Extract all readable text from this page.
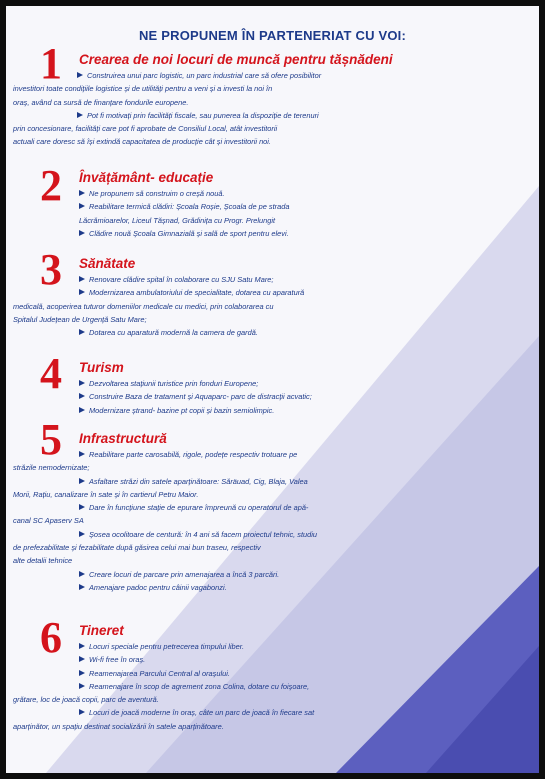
NE PROPUNEM ÎN PARTENERIAT CU VOI:
1 Crearea de noi locuri de muncă pentru tășnădeni
Construirea unui parc logistic, un parc industrial care să ofere posibilitor
investitori toate condițiile logistice și de utilități pentru a veni și a investi la noi în
oraș, având ca sursă de finanțare fondurile europene.
Pot fi motivați prin facilități fiscale, sau punerea la dispoziție de terenuri
prin concesionare, facilități care pot fi aprobate de Consiliul Local, atât investitorii
actuali care doresc să își extindă capacitatea de producție cât și investitorii noi.
2 Învățământ- educație
Ne propunem să construim o creșă nouă.
Reabilitare termică clădiri: Școala Roșie, Școala de pe strada
Lăcrămioarelor, Liceul Tășnad, Grădinița cu Progr. Prelungit
Clădire nouă Școala Gimnazială și sală de sport pentru elevi.
3 Sănătate
Renovare clădire spital în colaborare cu SJU Satu Mare;
Modernizarea ambulatoriului de specialitate, dotarea cu aparatură
medicală, acoperirea tuturor domeniilor medicale cu medici, prin colaborarea cu
Spitalul Județean de Urgență Satu Mare;
Dotarea cu aparatură modernă la camera de gardă.
4 Turism
Dezvoltarea stațiunii turistice prin fonduri Europene;
Construire Baza de tratament și Aquaparc- parc de distracții acvatic;
Modernizare ștrand- bazine pt copii și bazin semiolimpic.
5 Infrastructură
Reabilitare parte carosabilă, rigole, podețe respectiv trotuare pe
străzile nemodernizate;
Asfaltare străzi din satele aparținătoare: Săräuad, Cig, Blaja, Valea
Morii, Rațiu, canalizare în sate și în cartierul Petru Maior.
Dare în funcțiune stație de epurare împreună cu operatorul de apă-
canal SC Apaserv SA
Șosea ocolitoare de centură: în 4 ani să facem proiectul tehnic, studiu
de prefezabilitate și fezabilitate după găsirea celui mai bun traseu, respectiv
alte detalii tehnice
Creare locuri de parcare prin amenajarea a încă 3 parcări.
Amenajare padoc pentru câinii vagabonzi.
6 Tineret
Locuri speciale pentru petrecerea timpului liber.
Wi-fi free în oraș.
Reamenajarea Parcului Central al orașului.
Reamenajare în scop de agrement zona Colina, dotare cu foișoare,
grătare, loc de joacă copii, parc de aventură.
Locuri de joacă moderne în oraș, câte un parc de joacă în fiecare sat
aparținător, un spațiu destinat socializării în satele aparținătoare.
